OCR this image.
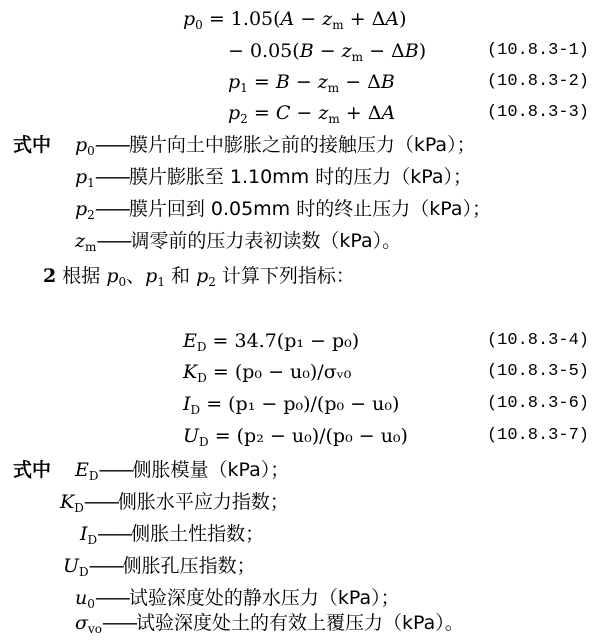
$p_0 = 1.05(A - z_m + \Delta A)$
− $0.05(B - z_m - \Delta B)$	(10.8.3-1)
$p_1 = B - z_m - \Delta B$	(10.8.3-2)
$p_2 = C - z_m + \Delta A$	(10.8.3-3)
式中 $p_0——$膜片向土中膨胀之前的接触压力（kPa）；
$p_1——$膜片膨胀至 1.10mm 时的压力（kPa）；
$p_2——$膜片回到 0.05mm 时的终止压力（kPa）；
$z_m——$调零前的压力表初读数（kPa）。
2 根据 $p_0$、$p_1$ 和 $p_2$ 计算下列指标：
$E_D = 34.7(p_1 - p_0)$	(10.8.3-4)
$K_D = (p_0$ − u₀)/σᵥ₀	(10.8.3-5)
$I_D = (p_1 - p_0)/(p_0 - u_0)$	(10.8.3-6)
$U_D = (p_2 - u_0)/(p_0 - u_0)$	(10.8.3-7)
式中 $E_D——$侧胀模量（kPa）；
$K_D——$侧胀水平应力指数；
$I_D——$侧胀土性指数；
$U_D——$侧胀孔压指数；
$u_0——$试验深度处的静水压力（kPa）；
$\sigma_{vo}——$试验深度处土的有效上覆压力（kPa）。
